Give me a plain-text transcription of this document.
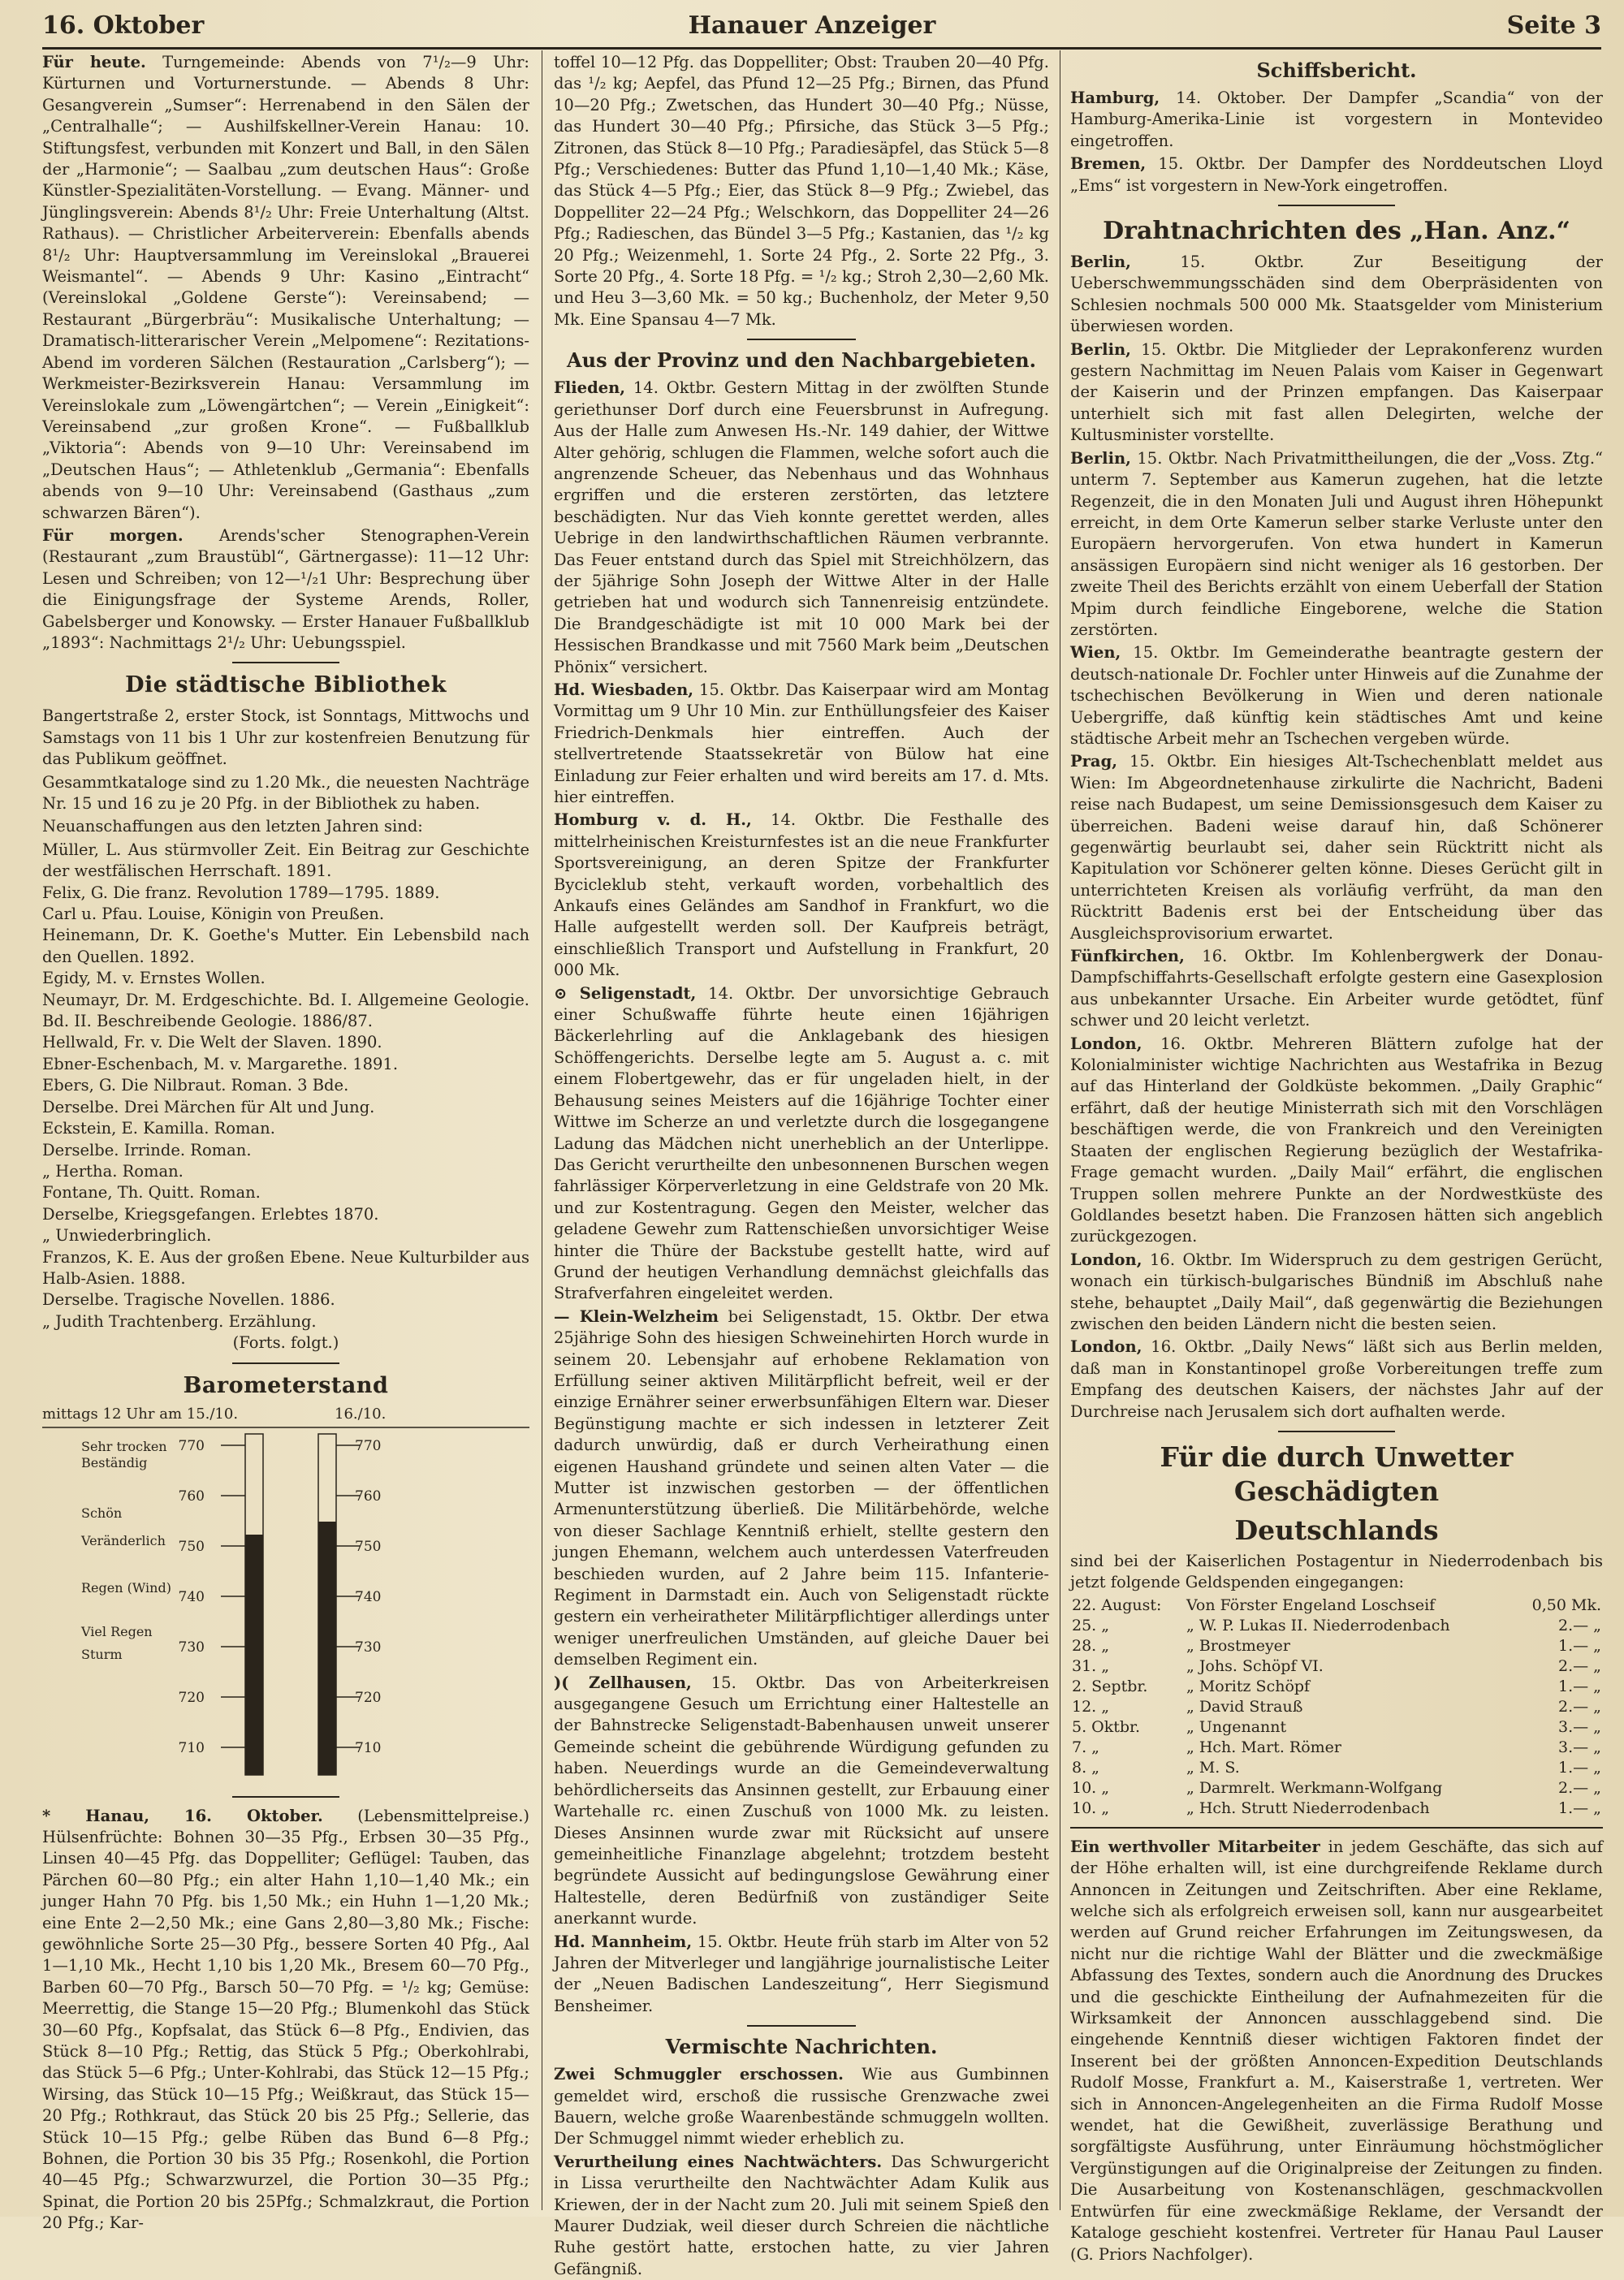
16. Oktober	Hanauer Anzeiger	Seite 3

Für heute. Turngemeinde: Abends von 7¹/₂—9 Uhr: Kürturnen und Vorturnerstunde. — Abends 8 Uhr: Gesangverein „Sumser“: Herrenabend in den Sälen der „Centralhalle“; — Aushilfskellner-Verein Hanau: 10. Stiftungsfest, verbunden mit Konzert und Ball, in den Sälen der „Harmonie“; — Saalbau „zum deutschen Haus“: Große Künstler-Spezialitäten-Vorstellung. — Evang. Männer- und Jünglingsverein: Abends 8¹/₂ Uhr: Freie Unterhaltung (Altst. Rathaus). — Christlicher Arbeiterverein: Ebenfalls abends 8¹/₂ Uhr: Hauptversammlung im Vereinslokal „Brauerei Weismantel“. — Abends 9 Uhr: Kasino „Eintracht“ (Vereinslokal „Goldene Gerste“): Vereinsabend; — Restaurant „Bürgerbräu“: Musikalische Unterhaltung; — Dramatisch-litterarischer Verein „Melpomene“: Rezitations-Abend im vorderen Sälchen (Restauration „Carlsberg“); — Werkmeister-Bezirksverein Hanau: Versammlung im Vereinslokale zum „Löwengärtchen“; — Verein „Einigkeit“: Vereinsabend „zur großen Krone“. — Fußballklub „Viktoria“: Abends von 9—10 Uhr: Vereinsabend im „Deutschen Haus“; — Athletenklub „Germania“: Ebenfalls abends von 9—10 Uhr: Vereinsabend (Gasthaus „zum schwarzen Bären“).

Für morgen. Arends'scher Stenographen-Verein (Restaurant „zum Braustübl“, Gärtnergasse): 11—12 Uhr: Lesen und Schreiben; von 12—¹/₂1 Uhr: Besprechung über die Einigungsfrage der Systeme Arends, Roller, Gabelsberger und Konowsky. — Erster Hanauer Fußballklub „1893“: Nachmittags 2¹/₂ Uhr: Uebungsspiel.

Die städtische Bibliothek

Bangertstraße 2, erster Stock, ist Sonntags, Mittwochs und Samstags von 11 bis 1 Uhr zur kostenfreien Benutzung für das Publikum geöffnet.

Gesammtkataloge sind zu 1.20 Mk., die neuesten Nachträge Nr. 15 und 16 zu je 20 Pfg. in der Bibliothek zu haben.

Neuanschaffungen aus den letzten Jahren sind:

Müller, L. Aus stürmvoller Zeit. Ein Beitrag zur Geschichte der westfälischen Herrschaft. 1891.

Felix, G. Die franz. Revolution 1789—1795. 1889.

Carl u. Pfau. Louise, Königin von Preußen.

Heinemann, Dr. K. Goethe's Mutter. Ein Lebensbild nach den Quellen. 1892.

Egidy, M. v. Ernstes Wollen.

Neumayr, Dr. M. Erdgeschichte. Bd. I. Allgemeine Geologie. Bd. II. Beschreibende Geologie. 1886/87.

Hellwald, Fr. v. Die Welt der Slaven. 1890.

Ebner-Eschenbach, M. v. Margarethe. 1891.

Ebers, G. Die Nilbraut. Roman. 3 Bde.

Derselbe. Drei Märchen für Alt und Jung.

Eckstein, E. Kamilla. Roman.

Derselbe. Irrinde. Roman.

„ Hertha. Roman.

Fontane, Th. Quitt. Roman.

Derselbe, Kriegsgefangen. Erlebtes 1870.

„ Unwiederbringlich.

Franzos, K. E. Aus der großen Ebene. Neue Kulturbilder aus Halb-Asien. 1888.

Derselbe. Tragische Novellen. 1886.

„ Judith Trachtenberg. Erzählung.

(Forts. folgt.)

Barometerstand
mittags 12 Uhr am 15./10.	16./10.
770	770
760	760
750	750
740	740
730	730
720	720
710	710
Sehr trocken
Beständig
Schön
Veränderlich
Regen (Wind)
Viel Regen
Sturm

* Hanau, 16. Oktober. (Lebensmittelpreise.) Hülsenfrüchte: Bohnen 30—35 Pfg., Erbsen 30—35 Pfg., Linsen 40—45 Pfg. das Doppelliter; Geflügel: Tauben, das Pärchen 60—80 Pfg.; ein alter Hahn 1,10—1,40 Mk.; ein junger Hahn 70 Pfg. bis 1,50 Mk.; ein Huhn 1—1,20 Mk.; eine Ente 2—2,50 Mk.; eine Gans 2,80—3,80 Mk.; Fische: gewöhnliche Sorte 25—30 Pfg., bessere Sorten 40 Pfg., Aal 1—1,10 Mk., Hecht 1,10 bis 1,20 Mk., Bresem 60—70 Pfg., Barben 60—70 Pfg., Barsch 50—70 Pfg. = ¹/₂ kg; Gemüse: Meerrettig, die Stange 15—20 Pfg.; Blumenkohl das Stück 30—60 Pfg., Kopfsalat, das Stück 6—8 Pfg., Endivien, das Stück 8—10 Pfg.; Rettig, das Stück 5 Pfg.; Oberkohlrabi, das Stück 5—6 Pfg.; Unter-Kohlrabi, das Stück 12—15 Pfg.; Wirsing, das Stück 10—15 Pfg.; Weißkraut, das Stück 15—20 Pfg.; Rothkraut, das Stück 20 bis 25 Pfg.; Sellerie, das Stück 10—15 Pfg.; gelbe Rüben das Bund 6—8 Pfg.; Bohnen, die Portion 30 bis 35 Pfg.; Rosenkohl, die Portion 40—45 Pfg.; Schwarzwurzel, die Portion 30—35 Pfg.; Spinat, die Portion 20 bis 25Pfg.; Schmalzkraut, die Portion 20 Pfg.; Kar-

toffel 10—12 Pfg. das Doppelliter; Obst: Trauben 20—40 Pfg. das ¹/₂ kg; Aepfel, das Pfund 12—25 Pfg.; Birnen, das Pfund 10—20 Pfg.; Zwetschen, das Hundert 30—40 Pfg.; Nüsse, das Hundert 30—40 Pfg.; Pfirsiche, das Stück 3—5 Pfg.; Zitronen, das Stück 8—10 Pfg.; Paradiesäpfel, das Stück 5—8 Pfg.; Verschiedenes: Butter das Pfund 1,10—1,40 Mk.; Käse, das Stück 4—5 Pfg.; Eier, das Stück 8—9 Pfg.; Zwiebel, das Doppelliter 22—24 Pfg.; Welschkorn, das Doppelliter 24—26 Pfg.; Radieschen, das Bündel 3—5 Pfg.; Kastanien, das ¹/₂ kg 20 Pfg.; Weizenmehl, 1. Sorte 24 Pfg., 2. Sorte 22 Pfg., 3. Sorte 20 Pfg., 4. Sorte 18 Pfg. = ¹/₂ kg.; Stroh 2,30—2,60 Mk. und Heu 3—3,60 Mk. = 50 kg.; Buchenholz, der Meter 9,50 Mk. Eine Spansau 4—7 Mk.

Aus der Provinz und den Nachbargebieten.

Flieden, 14. Oktbr. Gestern Mittag in der zwölften Stunde geriethunser Dorf durch eine Feuersbrunst in Aufregung. Aus der Halle zum Anwesen Hs.-Nr. 149 dahier, der Wittwe Alter gehörig, schlugen die Flammen, welche sofort auch die angrenzende Scheuer, das Nebenhaus und das Wohnhaus ergriffen und die ersteren zerstörten, das letztere beschädigten. Nur das Vieh konnte gerettet werden, alles Uebrige in den landwirthschaftlichen Räumen verbrannte. Das Feuer entstand durch das Spiel mit Streichhölzern, das der 5jährige Sohn Joseph der Wittwe Alter in der Halle getrieben hat und wodurch sich Tannenreisig entzündete. Die Brandgeschädigte ist mit 10 000 Mark bei der Hessischen Brandkasse und mit 7560 Mark beim „Deutschen Phönix“ versichert.

Hd. Wiesbaden, 15. Oktbr. Das Kaiserpaar wird am Montag Vormittag um 9 Uhr 10 Min. zur Enthüllungsfeier des Kaiser Friedrich-Denkmals hier eintreffen. Auch der stellvertretende Staatssekretär von Bülow hat eine Einladung zur Feier erhalten und wird bereits am 17. d. Mts. hier eintreffen.

Homburg v. d. H., 14. Oktbr. Die Festhalle des mittelrheinischen Kreisturnfestes ist an die neue Frankfurter Sportsvereinigung, an deren Spitze der Frankfurter Bycicleklub steht, verkauft worden, vorbehaltlich des Ankaufs eines Geländes am Sandhof in Frankfurt, wo die Halle aufgestellt werden soll. Der Kaufpreis beträgt, einschließlich Transport und Aufstellung in Frankfurt, 20 000 Mk.

⊙ Seligenstadt, 14. Oktbr. Der unvorsichtige Gebrauch einer Schußwaffe führte heute einen 16jährigen Bäckerlehrling auf die Anklagebank des hiesigen Schöffengerichts. Derselbe legte am 5. August a. c. mit einem Flobertgewehr, das er für ungeladen hielt, in der Behausung seines Meisters auf die 16jährige Tochter einer Wittwe im Scherze an und verletzte durch die losgegangene Ladung das Mädchen nicht unerheblich an der Unterlippe. Das Gericht verurtheilte den unbesonnenen Burschen wegen fahrlässiger Körperverletzung in eine Geldstrafe von 20 Mk. und zur Kostentragung. Gegen den Meister, welcher das geladene Gewehr zum Rattenschießen unvorsichtiger Weise hinter die Thüre der Backstube gestellt hatte, wird auf Grund der heutigen Verhandlung demnächst gleichfalls das Strafverfahren eingeleitet werden.

— Klein-Welzheim bei Seligenstadt, 15. Oktbr. Der etwa 25jährige Sohn des hiesigen Schweinehirten Horch wurde in seinem 20. Lebensjahr auf erhobene Reklamation von Erfüllung seiner aktiven Militärpflicht befreit, weil er der einzige Ernährer seiner erwerbsunfähigen Eltern war. Dieser Begünstigung machte er sich indessen in letzterer Zeit dadurch unwürdig, daß er durch Verheirathung einen eigenen Haushand gründete und seinen alten Vater — die Mutter ist inzwischen gestorben — der öffentlichen Armenunterstützung überließ. Die Militärbehörde, welche von dieser Sachlage Kenntniß erhielt, stellte gestern den jungen Ehemann, welchem auch unterdessen Vaterfreuden beschieden wurden, auf 2 Jahre beim 115. Infanterie-Regiment in Darmstadt ein. Auch von Seligenstadt rückte gestern ein verheiratheter Militärpflichtiger allerdings unter weniger unerfreulichen Umständen, auf gleiche Dauer bei demselben Regiment ein.

)( Zellhausen, 15. Oktbr. Das von Arbeiterkreisen ausgegangene Gesuch um Errichtung einer Haltestelle an der Bahnstrecke Seligenstadt-Babenhausen unweit unserer Gemeinde scheint die gebührende Würdigung gefunden zu haben. Neuerdings wurde an die Gemeindeverwaltung behördlicherseits das Ansinnen gestellt, zur Erbauung einer Wartehalle rc. einen Zuschuß von 1000 Mk. zu leisten. Dieses Ansinnen wurde zwar mit Rücksicht auf unsere gemeinheitliche Finanzlage abgelehnt; trotzdem besteht begründete Aussicht auf bedingungslose Gewährung einer Haltestelle, deren Bedürfniß von zuständiger Seite anerkannt wurde.

Hd. Mannheim, 15. Oktbr. Heute früh starb im Alter von 52 Jahren der Mitverleger und langjährige journalistische Leiter der „Neuen Badischen Landeszeitung“, Herr Siegismund Bensheimer.

Vermischte Nachrichten.

Zwei Schmuggler erschossen. Wie aus Gumbinnen gemeldet wird, erschoß die russische Grenzwache zwei Bauern, welche große Waarenbestände schmuggeln wollten. Der Schmuggel nimmt wieder erheblich zu.

Verurtheilung eines Nachtwächters. Das Schwurgericht in Lissa verurtheilte den Nachtwächter Adam Kulik aus Kriewen, der in der Nacht zum 20. Juli mit seinem Spieß den Maurer Dudziak, weil dieser durch Schreien die nächtliche Ruhe gestört hatte, erstochen hatte, zu vier Jahren Gefängniß.

Schiffsbericht.

Hamburg, 14. Oktober. Der Dampfer „Scandia“ von der Hamburg-Amerika-Linie ist vorgestern in Montevideo eingetroffen.

Bremen, 15. Oktbr. Der Dampfer des Norddeutschen Lloyd „Ems“ ist vorgestern in New-York eingetroffen.

Drahtnachrichten des „Han. Anz.“

Berlin,	15. Oktbr. Zur Beseitigung der Ueberschwemmungsschäden sind dem Oberpräsidenten von Schlesien nochmals 500 000 Mk. Staatsgelder vom Ministerium überwiesen worden.

Berlin, 15. Oktbr. Die Mitglieder der Leprakonferenz wurden gestern Nachmittag im Neuen Palais vom Kaiser in Gegenwart der Kaiserin und der Prinzen empfangen. Das Kaiserpaar unterhielt sich mit fast allen Delegirten, welche der Kultusminister vorstellte.

Berlin, 15. Oktbr. Nach Privatmittheilungen, die der „Voss. Ztg.“ unterm 7. September aus Kamerun zugehen, hat die letzte Regenzeit, die in den Monaten Juli und August ihren Höhepunkt erreicht, in dem Orte Kamerun selber starke Verluste unter den Europäern hervorgerufen. Von etwa hundert in Kamerun ansässigen Europäern sind nicht weniger als 16 gestorben. Der zweite Theil des Berichts erzählt von einem Ueberfall der Station Mpim durch feindliche Eingeborene, welche die Station zerstörten.

Wien, 15. Oktbr. Im Gemeinderathe beantragte gestern der deutsch-nationale Dr. Fochler unter Hinweis auf die Zunahme der tschechischen Bevölkerung in Wien und deren nationale Uebergriffe, daß künftig kein städtisches Amt und keine städtische Arbeit mehr an Tschechen vergeben würde.

Prag, 15. Oktbr. Ein hiesiges Alt-Tschechenblatt meldet aus Wien: Im Abgeordnetenhause zirkulirte die Nachricht, Badeni reise nach Budapest, um seine Demissionsgesuch dem Kaiser zu überreichen. Badeni weise darauf hin, daß Schönerer gegenwärtig beurlaubt sei, daher sein Rücktritt nicht als Kapitulation vor Schönerer gelten könne. Dieses Gerücht gilt in unterrichteten Kreisen als vorläufig verfrüht, da man den Rücktritt Badenis erst bei der Entscheidung über das Ausgleichsprovisorium erwartet.

Fünfkirchen, 16. Oktbr. Im Kohlenbergwerk der Donau-Dampfschiffahrts-Gesellschaft erfolgte gestern eine Gasexplosion aus unbekannter Ursache. Ein Arbeiter wurde getödtet, fünf schwer und 20 leicht verletzt.

London, 16. Oktbr. Mehreren Blättern zufolge hat der Kolonialminister wichtige Nachrichten aus Westafrika in Bezug auf das Hinterland der Goldküste bekommen. „Daily Graphic“ erfährt, daß der heutige Ministerrath sich mit den Vorschlägen beschäftigen werde, die von Frankreich und den Vereinigten Staaten der englischen Regierung bezüglich der Westafrika-Frage gemacht wurden. „Daily Mail“ erfährt, die englischen Truppen sollen mehrere Punkte an der Nordwestküste des Goldlandes besetzt haben. Die Franzosen hätten sich angeblich zurückgezogen.

London, 16. Oktbr. Im Widerspruch zu dem gestrigen Gerücht, wonach ein türkisch-bulgarisches Bündniß im Abschluß nahe stehe, behauptet „Daily Mail“, daß gegenwärtig die Beziehungen zwischen den beiden Ländern nicht die besten seien.

London, 16. Oktbr. „Daily News“ läßt sich aus Berlin melden, daß man in Konstantinopel große Vorbereitungen treffe zum Empfang des deutschen Kaisers, der nächstes Jahr auf der Durchreise nach Jerusalem sich dort aufhalten werde.

Für die durch Unwetter Geschädigten
Deutschlands

sind bei der Kaiserlichen Postagentur in Niederrodenbach bis jetzt folgende Geldspenden eingegangen:

22. August:	Von Förster Engeland Loschseif	0,50 Mk.
25. „	„ W. P. Lukas II. Niederrodenbach	2.— „
28. „	„ Brostmeyer	1.— „
31. „	„ Johs. Schöpf VI.	2.— „
2. Septbr.	„ Moritz Schöpf	1.— „
12. „	„ David Strauß	2.— „
5. Oktbr.	„ Ungenannt	3.— „
7. „	„ Hch. Mart. Römer	3.— „
8. „	„ M. S.	1.— „
10. „	„ Darmrelt. Werkmann-Wolfgang	2.— „
10. „	„ Hch. Strutt Niederrodenbach	1.— „

Ein werthvoller Mitarbeiter in jedem Geschäfte, das sich auf der Höhe erhalten will, ist eine durchgreifende Reklame durch Annoncen in Zeitungen und Zeitschriften. Aber eine Reklame, welche sich als erfolgreich erweisen soll, kann nur ausgearbeitet werden auf Grund reicher Erfahrungen im Zeitungswesen, da nicht nur die richtige Wahl der Blätter und die zweckmäßige Abfassung des Textes, sondern auch die Anordnung des Druckes und die geschickte Eintheilung der Aufnahmezeiten für die Wirksamkeit der Annoncen ausschlaggebend sind. Die eingehende Kenntniß dieser wichtigen Faktoren findet der Inserent bei der größten Annoncen-Expedition Deutschlands Rudolf Mosse, Frankfurt a. M., Kaiserstraße 1, vertreten. Wer sich in Annoncen-Angelegenheiten an die Firma Rudolf Mosse wendet, hat die Gewißheit, zuverlässige Berathung und sorgfältigste Ausführung, unter Einräumung höchstmöglicher Vergünstigungen auf die Originalpreise der Zeitungen zu finden. Die Ausarbeitung von Kostenanschlägen, geschmackvollen Entwürfen für eine zweckmäßige Reklame, der Versandt der Kataloge geschieht kostenfrei. Vertreter für Hanau Paul Lauser (G. Priors Nachfolger).
